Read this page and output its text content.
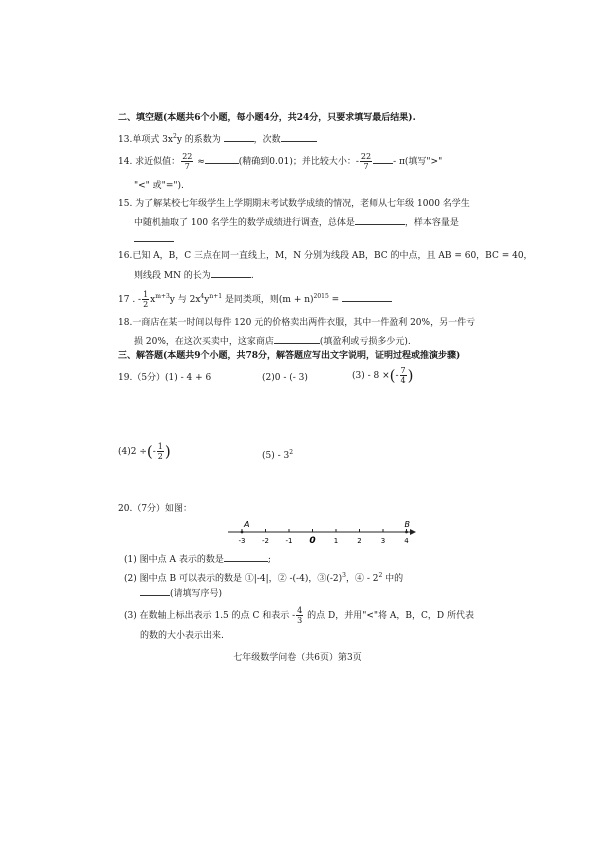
二、填空题(本题共6个小题，每小题4分，共24分，只要求填写最后结果).
13.单项式 $3x^2y$ 的系数为	，次数
14. 求近似值： $\frac{22}{7}$ ≈	(精确到0.01)；并比较大小：- $\frac{22}{7} - \pi$(填写">"
"<" 或"=").
15. 为了解某校七年级学生上学期期末考试数学成绩的情况，老师从七年级 1000 名学生
中随机抽取了 100 名学生的数学成绩进行调查，总体是	，样本容量是
16.已知 A，B，C 三点在同一直线上，M，N 分别为线段 AB，BC 的中点，且 AB = 60，BC = 40，
则线段 MN 的长为	.
17 . - $\frac{1}{2} x^{m+3}y$ 与 $2x^4y^{n+1}$ 是同类项，则$(m + n)^{2015}$ =
18.一商店在某一时间以每件 120 元的价格卖出两件衣服，其中一件盈利 20%，另一件亏
损 20%，在这次买卖中，这家商店	(填盈利或亏损多少元).
三、解答题(本题共9个小题，共78分，解答题应写出文字说明，证明过程或推演步骤)
19.（5分）(1) - 4 + 6	(2)0 - (- 3)	(3) - 8 ×(- $\frac{7}{4}$ )
(4)2 ÷(- $\frac{1}{2}$ )	$(5) - 3^2$
20.（7分）如图：
-3 -2 -1 0	1	2	3	4
A	B
(1) 图中点 A 表示的数是	;
(2) 图中点 B 可以表示的数是 ①|-4|，② -(-4)，$③(-2)^3$，④ - $2^2$ 中的
(请填写序号)
(3) 在数轴上标出表示 1.5 的点 C 和表示 - $\frac{4}{3}$ 的点 D，并用"<"将 A，B，C，D 所代表
的数的大小表示出来.
七年级数学问卷（共6页）第3页
